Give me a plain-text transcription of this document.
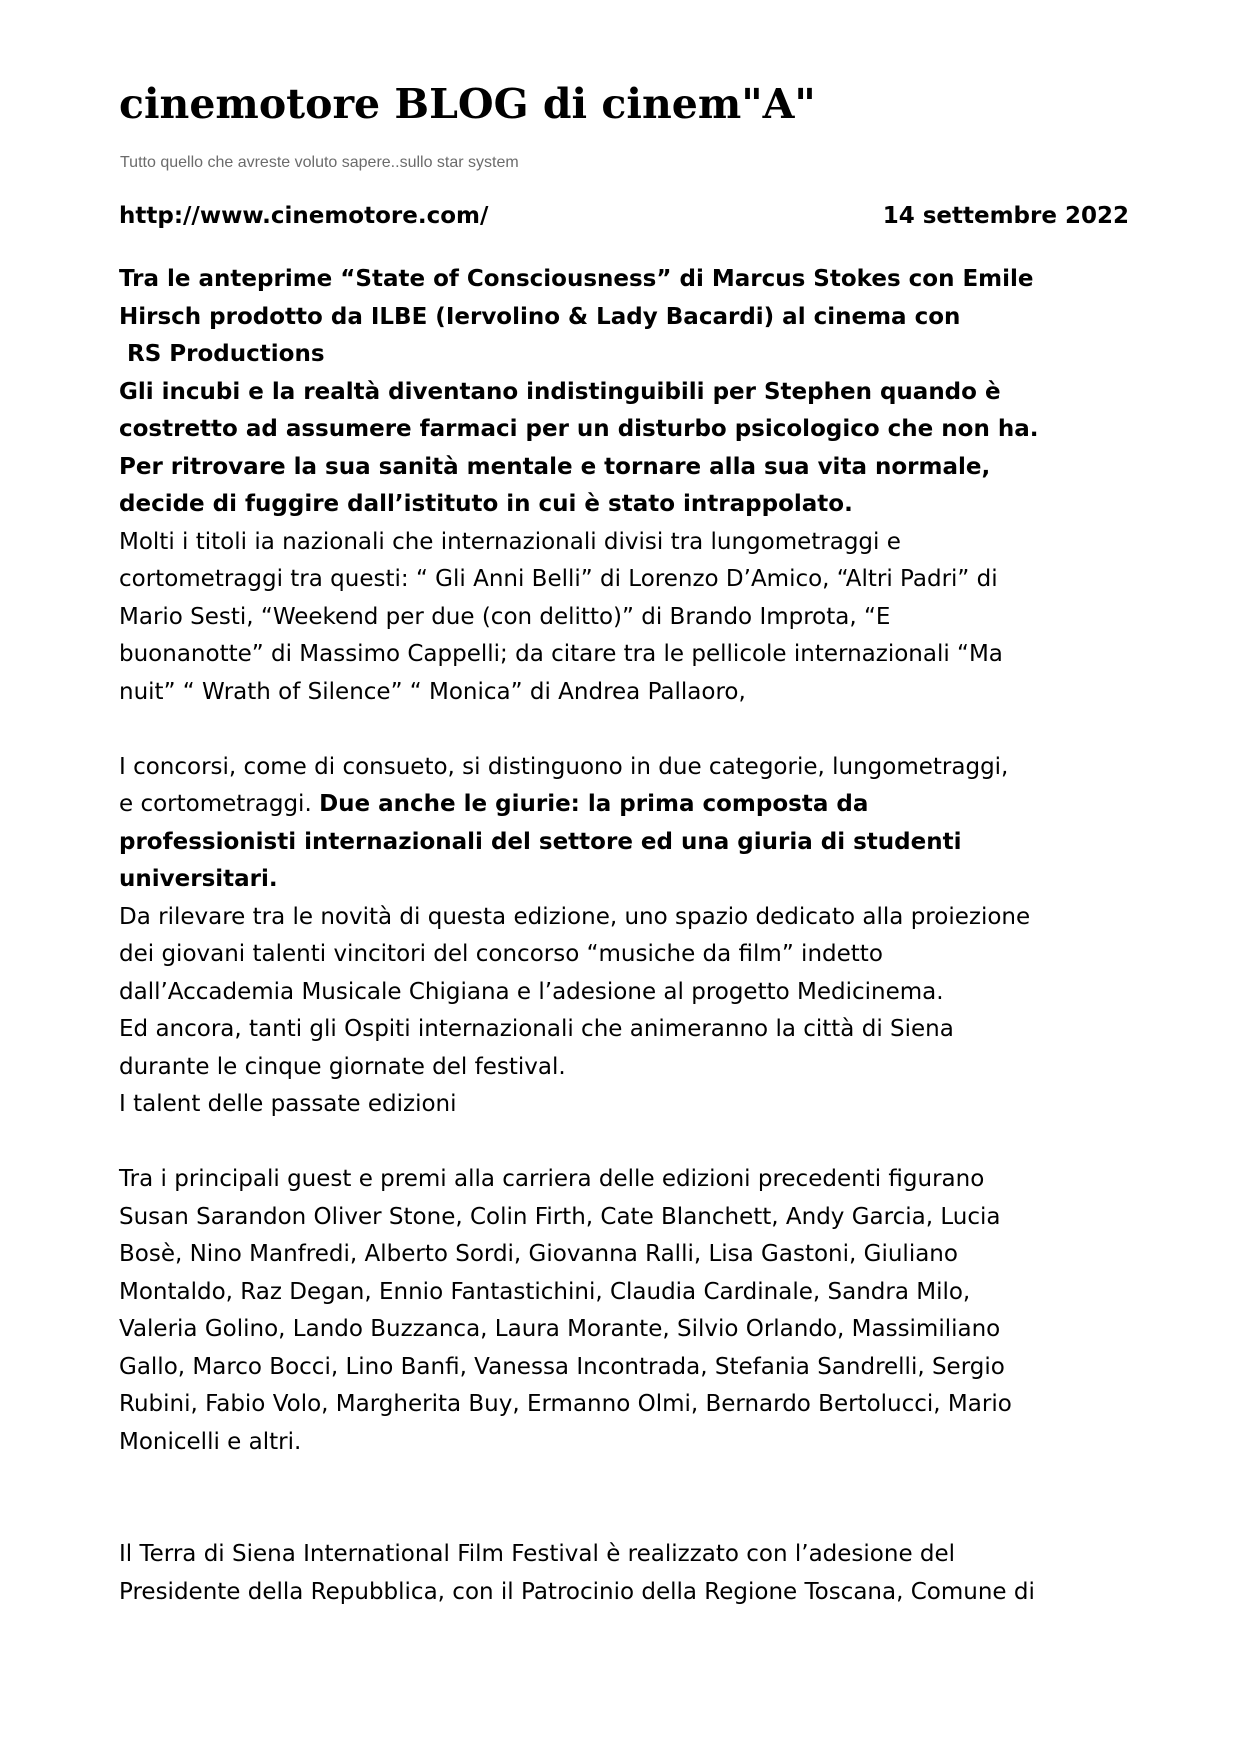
cinemotore BLOG di cinem"A"
Tutto quello che avreste voluto sapere..sullo star system
http://www.cinemotore.com/	14 settembre 2022

Tra le anteprime “State of Consciousness” di Marcus Stokes con Emile

Hirsch prodotto da ILBE (Iervolino & Lady Bacardi) al cinema con

RS Productions

Gli incubi e la realtà diventano indistinguibili per Stephen quando è

costretto ad assumere farmaci per un disturbo psicologico che non ha.

Per ritrovare la sua sanità mentale e tornare alla sua vita normale,

decide di fuggire dall’istituto in cui è stato intrappolato.

Molti i titoli ia nazionali che internazionali divisi tra lungometraggi e

cortometraggi tra questi: “ Gli Anni Belli” di Lorenzo D’Amico, “Altri Padri” di

Mario Sesti, “Weekend per due (con delitto)” di Brando Improta, “E

buonanotte” di Massimo Cappelli; da citare tra le pellicole internazionali “Ma

nuit” “ Wrath of Silence” “ Monica” di Andrea Pallaoro,

I concorsi, come di consueto, si distinguono in due categorie, lungometraggi,

e cortometraggi. Due anche le giurie: la prima composta da

professionisti internazionali del settore ed una giuria di studenti

universitari.

Da rilevare tra le novità di questa edizione, uno spazio dedicato alla proiezione

dei giovani talenti vincitori del concorso “musiche da film” indetto

dall’Accademia Musicale Chigiana e l’adesione al progetto Medicinema.

Ed ancora, tanti gli Ospiti internazionali che animeranno la città di Siena

durante le cinque giornate del festival.

I talent delle passate edizioni

Tra i principali guest e premi alla carriera delle edizioni precedenti figurano

Susan Sarandon Oliver Stone, Colin Firth, Cate Blanchett, Andy Garcia, Lucia

Bosè, Nino Manfredi, Alberto Sordi, Giovanna Ralli, Lisa Gastoni, Giuliano

Montaldo, Raz Degan, Ennio Fantastichini, Claudia Cardinale, Sandra Milo,

Valeria Golino, Lando Buzzanca, Laura Morante, Silvio Orlando, Massimiliano

Gallo, Marco Bocci, Lino Banfi, Vanessa Incontrada, Stefania Sandrelli, Sergio

Rubini, Fabio Volo, Margherita Buy, Ermanno Olmi, Bernardo Bertolucci, Mario

Monicelli e altri.

Il Terra di Siena International Film Festival è realizzato con l’adesione del

Presidente della Repubblica, con il Patrocinio della Regione Toscana, Comune di
